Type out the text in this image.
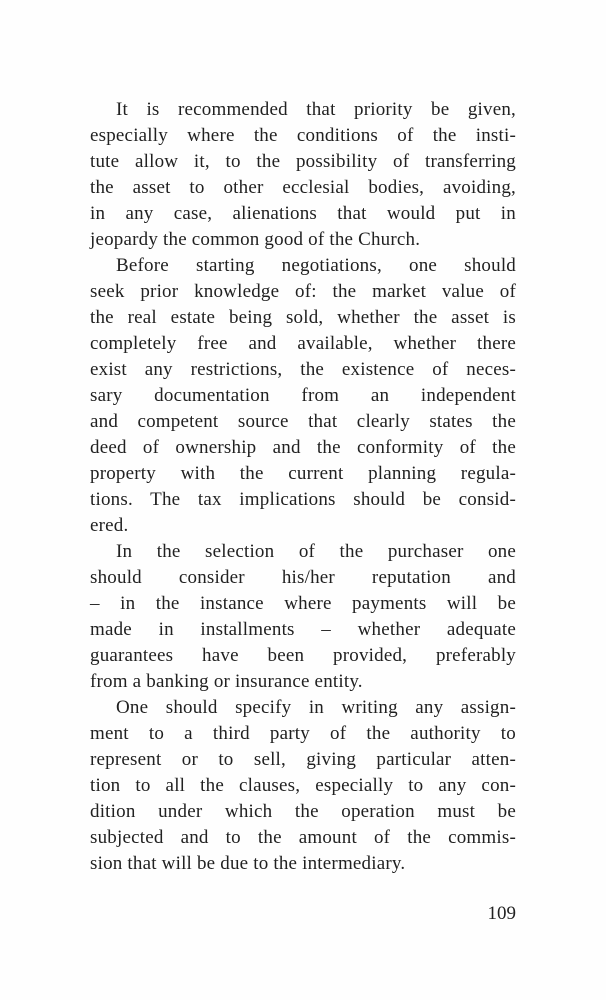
It is recommended that priority be given,
especially where the conditions of the insti-
tute allow it, to the possibility of transferring
the asset to other ecclesial bodies, avoiding,
in any case, alienations that would put in
jeopardy the common good of the Church.
Before starting negotiations, one should
seek prior knowledge of: the market value of
the real estate being sold, whether the asset is
completely free and available, whether there
exist any restrictions, the existence of neces-
sary documentation from an independent
and competent source that clearly states the
deed of ownership and the conformity of the
property with the current planning regula-
tions. The tax implications should be consid-
ered.
In the selection of the purchaser one
should consider his/her reputation and
– in the instance where payments will be
made in installments – whether adequate
guarantees have been provided, preferably
from a banking or insurance entity.
One should specify in writing any assign-
ment to a third party of the authority to
represent or to sell, giving particular atten-
tion to all the clauses, especially to any con-
dition under which the operation must be
subjected and to the amount of the commis-
sion that will be due to the intermediary.
109
